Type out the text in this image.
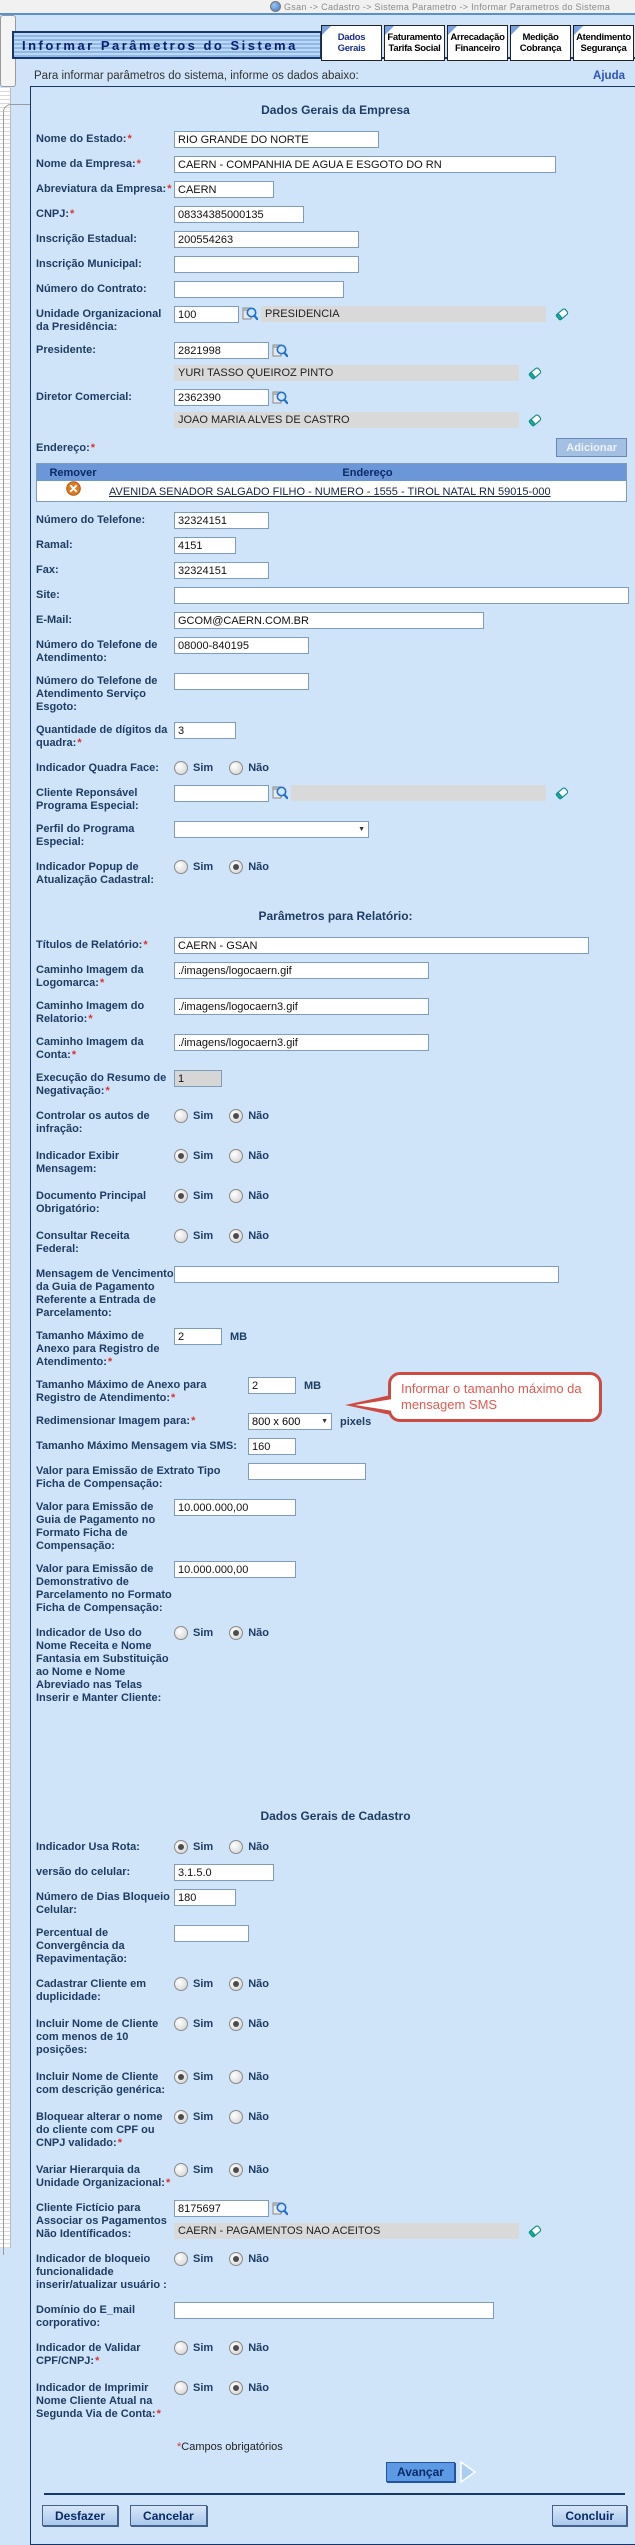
Gsan -> Cadastro -> Sistema Parametro -> Informar Parametros do Sistema
Informar Parâmetros do Sistema	Dados
Gerais
Faturamento
Tarifa Social
Arrecadação
Financeiro
Medição
Cobrança
Atendimento
Segurança
Para informar parâmetros do sistema, informe os dados abaixo:	Ajuda
Dados Gerais da Empresa
Nome do Estado:*
RIO GRANDE DO NORTE
Nome da Empresa:*
CAERN - COMPANHIA DE AGUA E ESGOTO DO RN
Abreviatura da Empresa:*
CAERN
CNPJ:*
08334385000135
Inscrição Estadual:
200554263
Inscrição Municipal:
Número do Contrato:
Unidade Organizacional da Presidência:
100
PRESIDENCIA
Presidente:
2821998
YURI TASSO QUEIROZ PINTO
Diretor Comercial:
2362390
JOAO MARIA ALVES DE CASTRO
Endereço:*	Adicionar
Remover	Endereço
AVENIDA SENADOR SALGADO FILHO - NUMERO - 1555 - TIROL NATAL RN 59015-000
Número do Telefone:
32324151
Ramal:
4151
Fax:
32324151
Site:
E-Mail:
GCOM@CAERN.COM.BR
Número do Telefone de Atendimento:
08000-840195
Número do Telefone de Atendimento Serviço Esgoto:
Quantidade de dígitos da quadra:*
3
Indicador Quadra Face:	Sim	Não
Cliente Reponsável Programa Especial:
Perfil do Programa Especial:

▼
Indicador Popup de Atualização Cadastral:
Sim	Não
Parâmetros para Relatório:
Títulos de Relatório:*
CAERN - GSAN
Caminho Imagem da Logomarca:*
./imagens/logocaern.gif
Caminho Imagem do Relatorio:*
./imagens/logocaern3.gif
Caminho Imagem da Conta:*
./imagens/logocaern3.gif
Execução do Resumo de Negativação:*
1
Controlar os autos de infração:
Sim	Não
Indicador Exibir Mensagem:
Sim	Não
Documento Principal Obrigatório:
Sim	Não
Consultar Receita Federal:
Sim	Não
Mensagem de Vencimento da Guia de Pagamento Referente a Entrada de Parcelamento:
Tamanho Máximo de Anexo para Registro de Atendimento:*
2
MB
Tamanho Máximo de Anexo para Registro de Atendimento:*
2
MB
Redimensionar Imagem para:*	800 x 600	▼ pixels
Tamanho Máximo Mensagem via SMS:
160
Informar o tamanho máximo da mensagem SMS
Valor para Emissão de Extrato Tipo Ficha de Compensação:
Valor para Emissão de Guia de Pagamento no Formato Ficha de Compensação:
10.000.000,00
Valor para Emissão de Demonstrativo de Parcelamento no Formato Ficha de Compensação:
10.000.000,00
Indicador de Uso do Nome Receita e Nome Fantasia em Substituição ao Nome e Nome Abreviado nas Telas Inserir e Manter Cliente:
Sim	Não
Dados Gerais de Cadastro
Indicador Usa Rota:	Sim	Não
versão do celular:
3.1.5.0
Número de Dias Bloqueio Celular:
180
Percentual de Convergência da Repavimentação:
Cadastrar Cliente em duplicidade:
Sim	Não
Incluir Nome de Cliente com menos de 10 posições:
Sim	Não
Incluir Nome de Cliente com descrição genérica:
Sim	Não
Bloquear alterar o nome do cliente com CPF ou CNPJ validado:*
Sim	Não
Variar Hierarquia da Unidade Organizacional:*
Sim	Não
Cliente Fictício para Associar os Pagamentos Não Identíficados:
8175697	CAERN - PAGAMENTOS NAO ACEITOS
Indicador de bloqueio funcionalidade inserir/atualizar usuário :
Sim	Não
Domínio do E_mail corporativo:
Indicador de Validar CPF/CNPJ:*
Sim	Não
Indicador de Imprimir Nome Cliente Atual na Segunda Via de Conta:*
Sim	Não
*Campos obrigatórios
Avançar
Desfazer	Cancelar	Concluir
